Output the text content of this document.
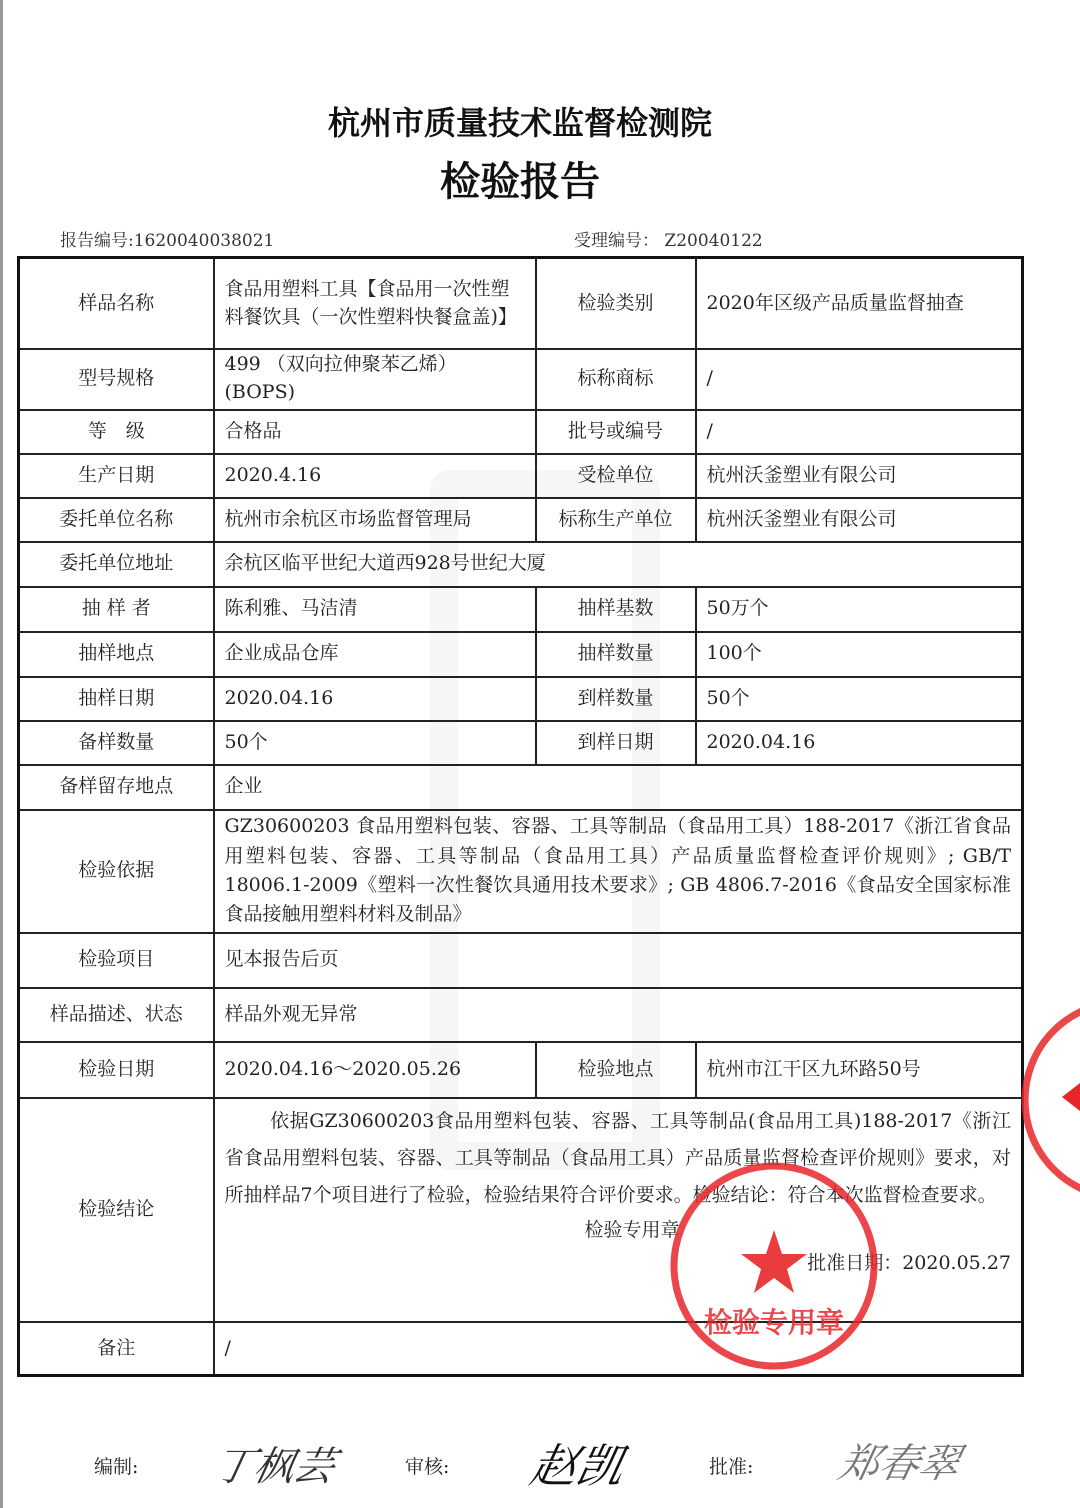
杭州市质量技术监督检测院
检验报告
报告编号:1620040038021	受理编号： Z20040122
样品名称	食品用塑料工具【食品用一次性塑料餐饮具（一次性塑料快餐盒盖)】	检验类别	2020年区级产品质量监督抽查
型号规格	499 （双向拉伸聚苯乙烯）(BOPS)	标称商标	/
等　级	合格品	批号或编号	/
生产日期	2020.4.16	受检单位	杭州沃釜塑业有限公司
委托单位名称	杭州市余杭区市场监督管理局	标称生产单位	杭州沃釜塑业有限公司
委托单位地址	余杭区临平世纪大道西928号世纪大厦		
抽 样 者	陈利雅、马洁清	抽样基数	50万个
抽样地点	企业成品仓库	抽样数量	100个
抽样日期	2020.04.16	到样数量	50个
备样数量	50个	到样日期	2020.04.16
备样留存地点	企业		
检验依据	GZ30600203 食品用塑料包装、容器、工具等制品（食品用工具）188-2017《浙江省食品用塑料包装、容器、工具等制品（食品用工具）产品质量监督检查评价规则》; GB/T 18006.1-2009《塑料一次性餐饮具通用技术要求》; GB 4806.7-2016《食品安全国家标准食品接触用塑料材料及制品》		
检验项目	见本报告后页		
样品描述、状态	样品外观无异常		
检验日期	2020.04.16～2020.05.26	检验地点	杭州市江干区九环路50号
检验结论	依据GZ30600203食品用塑料包装、容器、工具等制品(食品用工具)188-2017《浙江省食品用塑料包装、容器、工具等制品（食品用工具）产品质量监督检查评价规则》要求，对所抽样品7个项目进行了检验，检验结果符合评价要求。检验结论：符合本次监督检查要求。
检验专用章
批准日期：2020.05.27		

备注	/		
检验专用章
编制: 丁枫芸	审核: 赵凯	批准: 郑春翠
